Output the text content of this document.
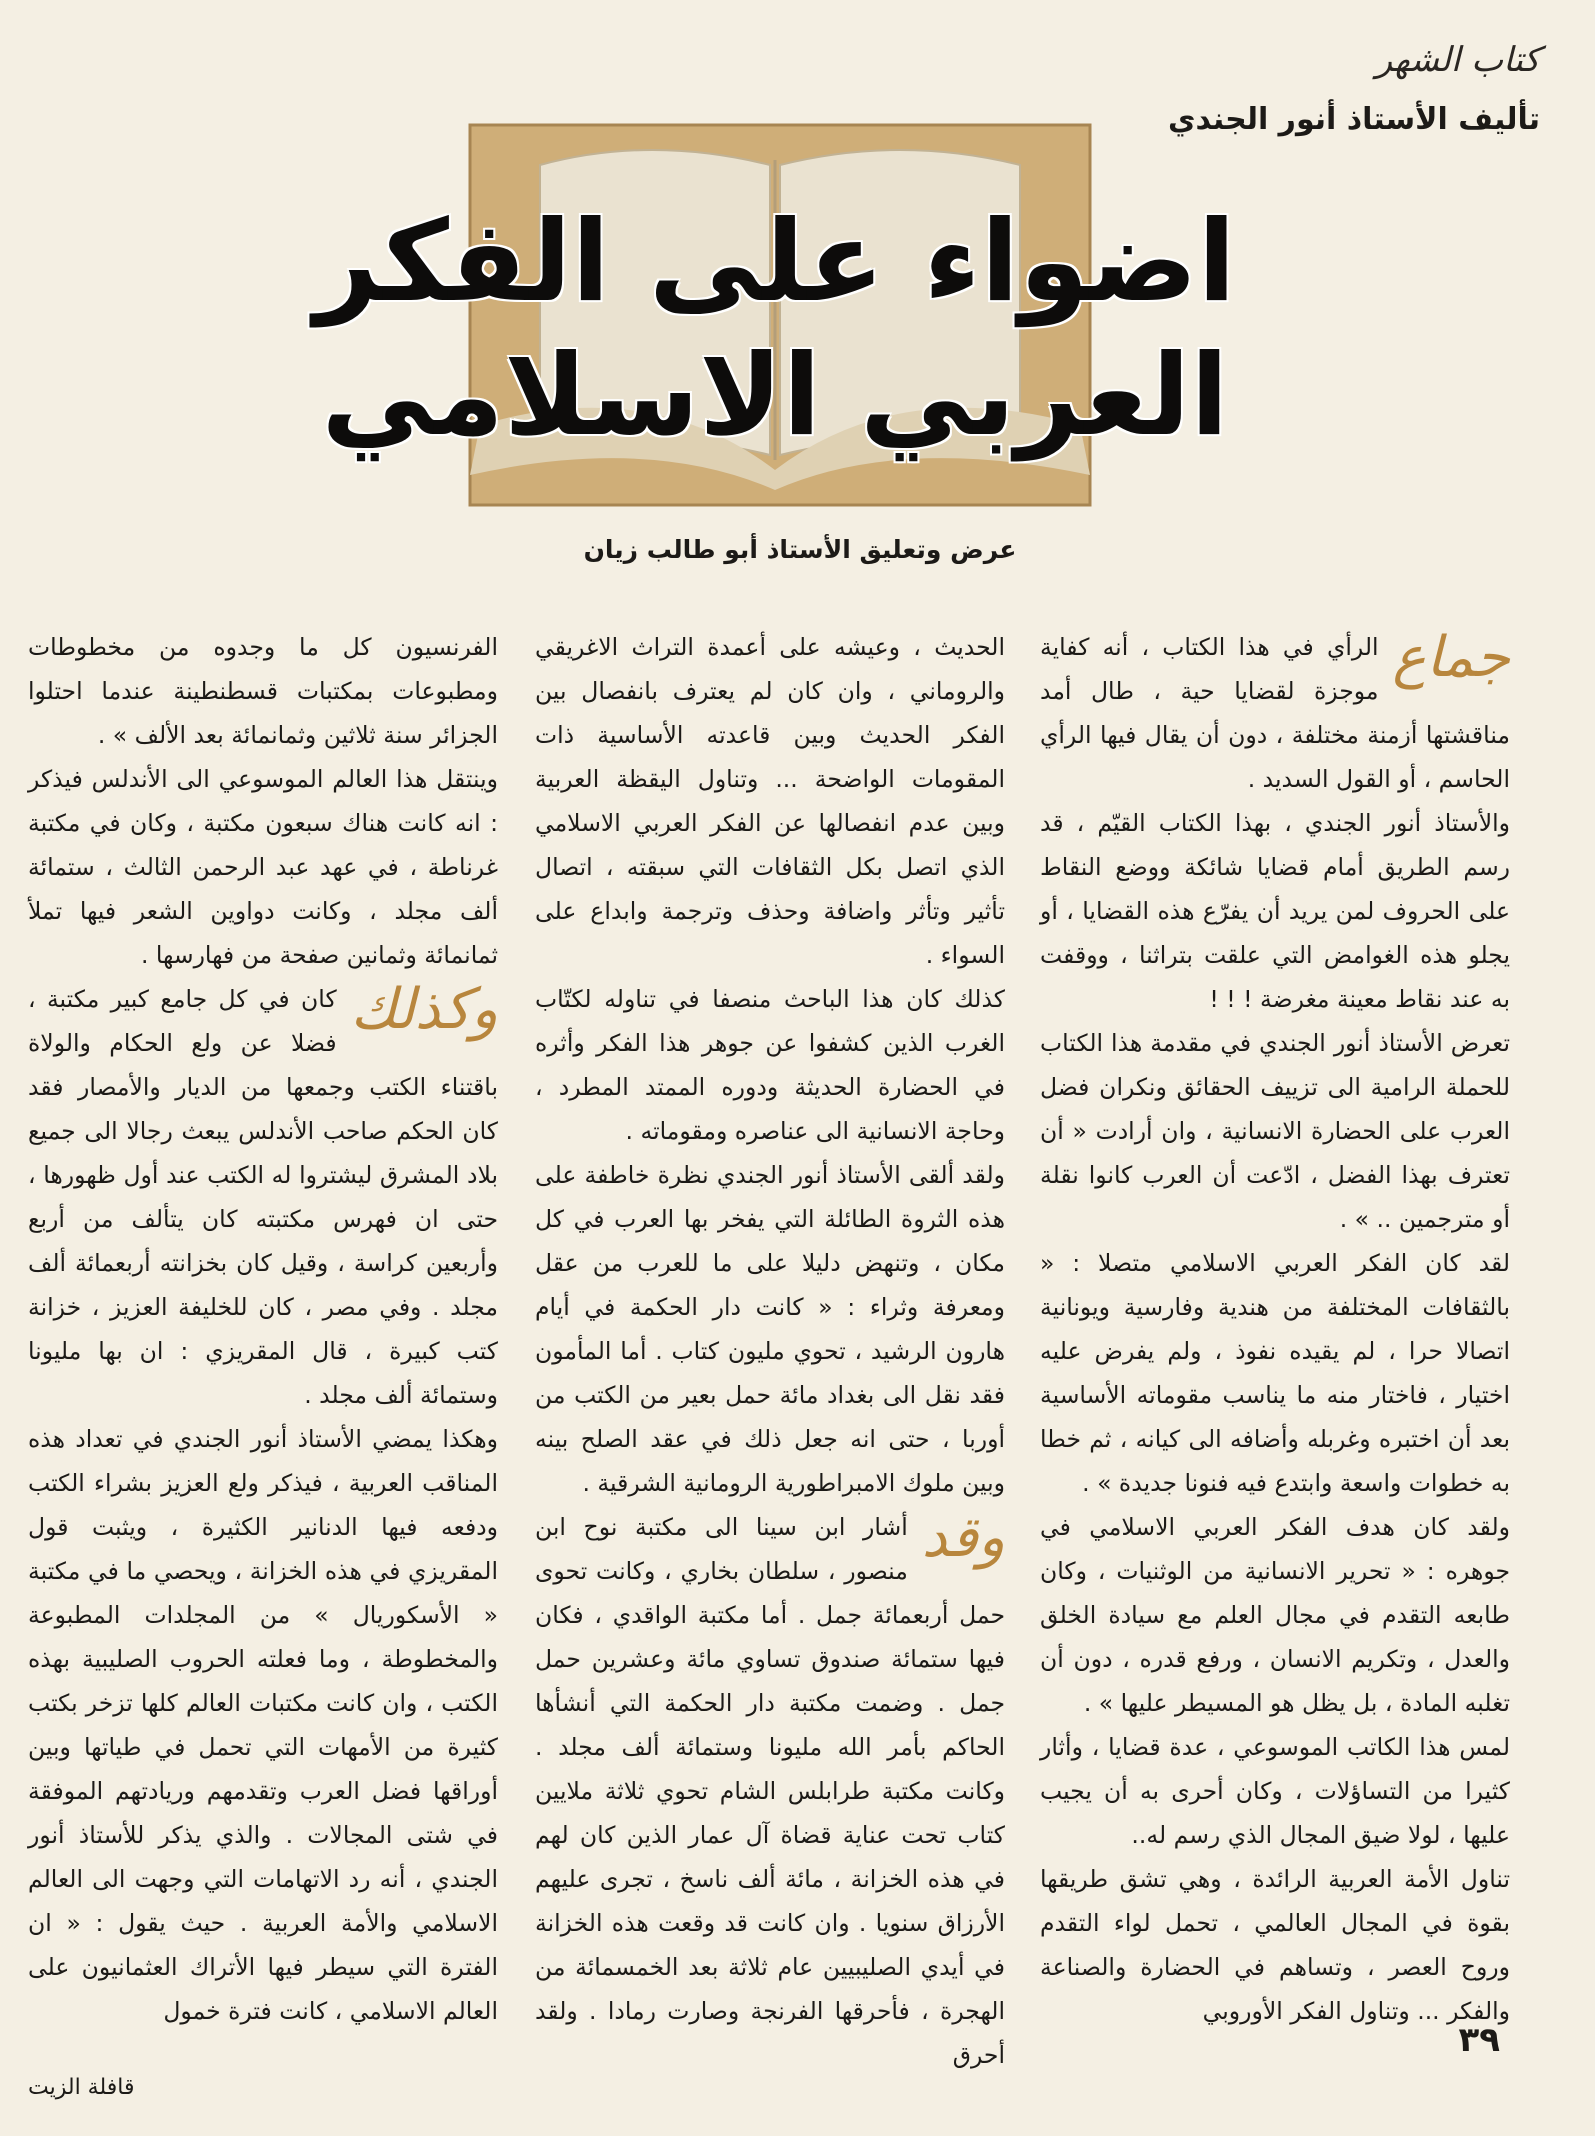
كتاب الشهر
تأليف الأستاذ أنور الجندي
اضواء على الفكر العربي الاسلامي
عرض وتعليق الأستاذ أبو طالب زيان
جماع

الرأي في هذا الكتاب ، أنه كفاية موجزة لقضايا حية ، طال أمد مناقشتها أزمنة مختلفة ، دون أن يقال فيها الرأي الحاسم ، أو القول السديد .

والأستاذ أنور الجندي ، بهذا الكتاب القيّم ، قد رسم الطريق أمام قضايا شائكة ووضع النقاط على الحروف لمن يريد أن يفرّع هذه القضايا ، أو يجلو هذه الغوامض التي علقت بتراثنا ، ووقفت به عند نقاط معينة مغرضة ! ! !

تعرض الأستاذ أنور الجندي في مقدمة هذا الكتاب للحملة الرامية الى تزييف الحقائق ونكران فضل العرب على الحضارة الانسانية ، وان أرادت « أن تعترف بهذا الفضل ، ادّعت أن العرب كانوا نقلة أو مترجمين .. » .

لقد كان الفكر العربي الاسلامي متصلا : « بالثقافات المختلفة من هندية وفارسية ويونانية اتصالا حرا ، لم يقيده نفوذ ، ولم يفرض عليه اختيار ، فاختار منه ما يناسب مقوماته الأساسية بعد أن اختبره وغربله وأضافه الى كيانه ، ثم خطا به خطوات واسعة وابتدع فيه فنونا جديدة » .

ولقد كان هدف الفكر العربي الاسلامي في جوهره : « تحرير الانسانية من الوثنيات ، وكان طابعه التقدم في مجال العلم مع سيادة الخلق والعدل ، وتكريم الانسان ، ورفع قدره ، دون أن تغلبه المادة ، بل يظل هو المسيطر عليها » .

لمس هذا الكاتب الموسوعي ، عدة قضايا ، وأثار كثيرا من التساؤلات ، وكان أحرى به أن يجيب عليها ، لولا ضيق المجال الذي رسم له..

تناول الأمة العربية الرائدة ، وهي تشق طريقها بقوة في المجال العالمي ، تحمل لواء التقدم وروح العصر ، وتساهم في الحضارة والصناعة والفكر ... وتناول الفكر الأوروبي

الحديث ، وعيشه على أعمدة التراث الاغريقي والروماني ، وان كان لم يعترف بانفصال بين الفكر الحديث وبين قاعدته الأساسية ذات المقومات الواضحة ... وتناول اليقظة العربية وبين عدم انفصالها عن الفكر العربي الاسلامي الذي اتصل بكل الثقافات التي سبقته ، اتصال تأثير وتأثر واضافة وحذف وترجمة وابداع على السواء .

كذلك كان هذا الباحث منصفا في تناوله لكتّاب الغرب الذين كشفوا عن جوهر هذا الفكر وأثره في الحضارة الحديثة ودوره الممتد المطرد ، وحاجة الانسانية الى عناصره ومقوماته .

ولقد ألقى الأستاذ أنور الجندي نظرة خاطفة على هذه الثروة الطائلة التي يفخر بها العرب في كل مكان ، وتنهض دليلا على ما للعرب من عقل ومعرفة وثراء : « كانت دار الحكمة في أيام هارون الرشيد ، تحوي مليون كتاب . أما المأمون فقد نقل الى بغداد مائة حمل بعير من الكتب من أوربا ، حتى انه جعل ذلك في عقد الصلح بينه وبين ملوك الامبراطورية الرومانية الشرقية .

وقد

أشار ابن سينا الى مكتبة نوح ابن منصور ، سلطان بخاري ، وكانت تحوى حمل أربعمائة جمل . أما مكتبة الواقدي ، فكان فيها ستمائة صندوق تساوي مائة وعشرين حمل جمل . وضمت مكتبة دار الحكمة التي أنشأها الحاكم بأمر الله مليونا وستمائة ألف مجلد . وكانت مكتبة طرابلس الشام تحوي ثلاثة ملايين كتاب تحت عناية قضاة آل عمار الذين كان لهم في هذه الخزانة ، مائة ألف ناسخ ، تجرى عليهم الأرزاق سنويا . وان كانت قد وقعت هذه الخزانة في أيدي الصليبيين عام ثلاثة بعد الخمسمائة من الهجرة ، فأحرقها الفرنجة وصارت رمادا . ولقد أحرق

الفرنسيون كل ما وجدوه من مخطوطات ومطبوعات بمكتبات قسطنطينة عندما احتلوا الجزائر سنة ثلاثين وثمانمائة بعد الألف » .

وينتقل هذا العالم الموسوعي الى الأندلس فيذكر : انه كانت هناك سبعون مكتبة ، وكان في مكتبة غرناطة ، في عهد عبد الرحمن الثالث ، ستمائة ألف مجلد ، وكانت دواوين الشعر فيها تملأ ثمانمائة وثمانين صفحة من فهارسها .

وكذلك

كان في كل جامع كبير مكتبة ، فضلا عن ولع الحكام والولاة باقتناء الكتب وجمعها من الديار والأمصار فقد كان الحكم صاحب الأندلس يبعث رجالا الى جميع بلاد المشرق ليشتروا له الكتب عند أول ظهورها ، حتى ان فهرس مكتبته كان يتألف من أربع وأربعين كراسة ، وقيل كان بخزانته أربعمائة ألف مجلد . وفي مصر ، كان للخليفة العزيز ، خزانة كتب كبيرة ، قال المقريزي : ان بها مليونا وستمائة ألف مجلد .

وهكذا يمضي الأستاذ أنور الجندي في تعداد هذه المناقب العربية ، فيذكر ولع العزيز بشراء الكتب ودفعه فيها الدنانير الكثيرة ، ويثبت قول المقريزي في هذه الخزانة ، ويحصي ما في مكتبة « الأسكوريال » من المجلدات المطبوعة والمخطوطة ، وما فعلته الحروب الصليبية بهذه الكتب ، وان كانت مكتبات العالم كلها تزخر بكتب كثيرة من الأمهات التي تحمل في طياتها وبين أوراقها فضل العرب وتقدمهم وريادتهم الموفقة في شتى المجالات . والذي يذكر للأستاذ أنور الجندي ، أنه رد الاتهامات التي وجهت الى العالم الاسلامي والأمة العربية . حيث يقول : « ان الفترة التي سيطر فيها الأتراك العثمانيون على العالم الاسلامي ، كانت فترة خمول

٣٩
قافلة الزيت
